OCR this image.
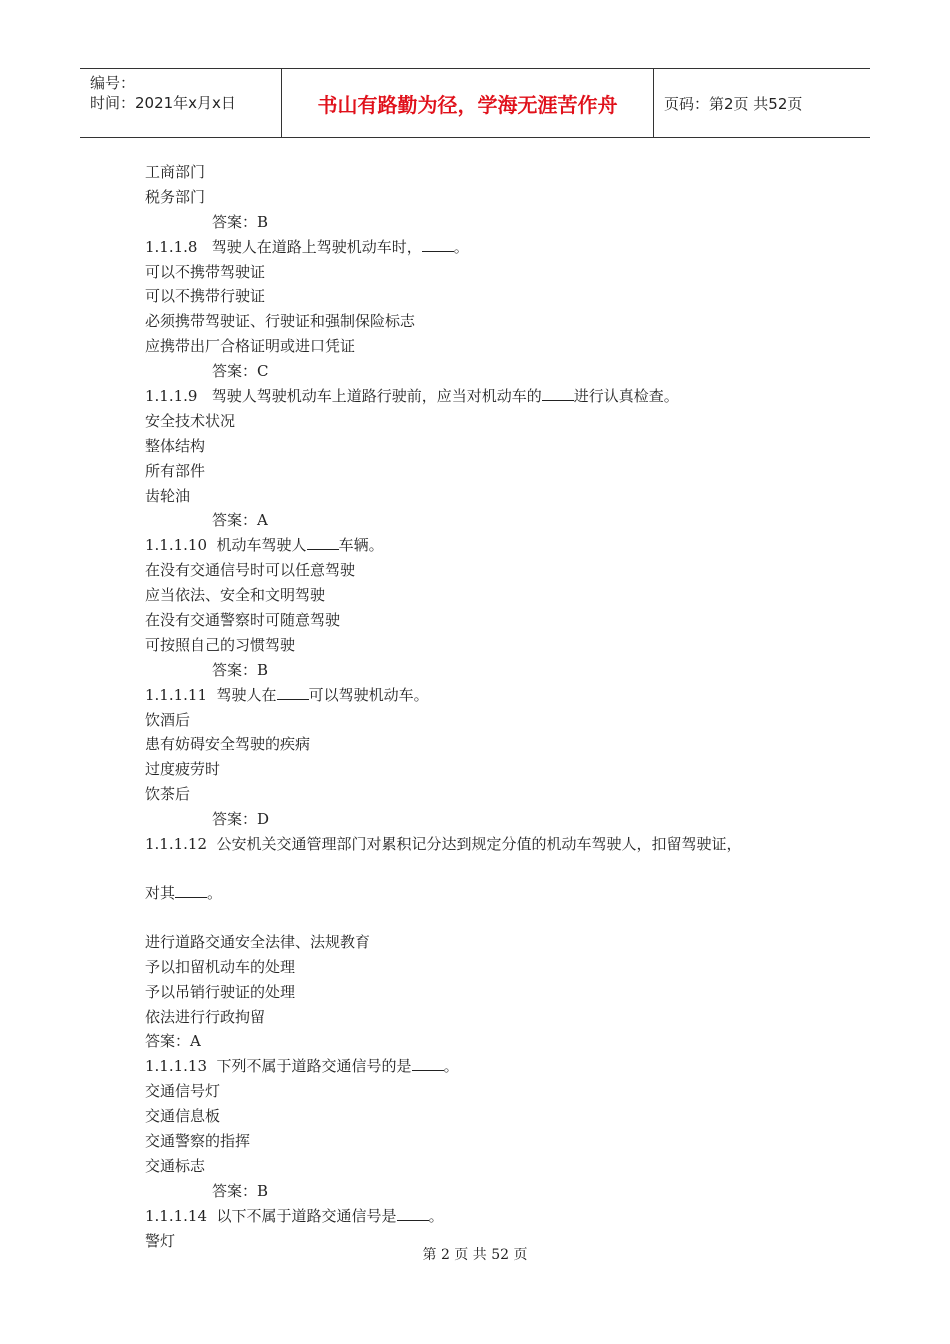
编号：
时间：2021年x月x日	书山有路勤为径，学海无涯苦作舟	页码：第2页 共52页
工商部门
税务部门
答案：B
1.1.1.8   驾驶人在道路上驾驶机动车时， 。
可以不携带驾驶证
可以不携带行驶证
必须携带驾驶证、行驶证和强制保险标志
应携带出厂合格证明或进口凭证
答案：C
1.1.1.9   驾驶人驾驶机动车上道路行驶前，应当对机动车的 进行认真检查。
安全技术状况
整体结构
所有部件
齿轮油
答案：A
1.1.1.10  机动车驾驶人 车辆。
在没有交通信号时可以任意驾驶
应当依法、安全和文明驾驶
在没有交通警察时可随意驾驶
可按照自己的习惯驾驶
答案：B
1.1.1.11  驾驶人在 可以驾驶机动车。
饮酒后
患有妨碍安全驾驶的疾病
过度疲劳时
饮茶后
答案：D
1.1.1.12  公安机关交通管理部门对累积记分达到规定分值的机动车驾驶人，扣留驾驶证，
对其 。
进行道路交通安全法律、法规教育
予以扣留机动车的处理
予以吊销行驶证的处理
依法进行行政拘留
答案：A
1.1.1.13  下列不属于道路交通信号的是 。
交通信号灯
交通信息板
交通警察的指挥
交通标志
答案：B
1.1.1.14  以下不属于道路交通信号是 。
警灯
第 2 页 共 52 页
